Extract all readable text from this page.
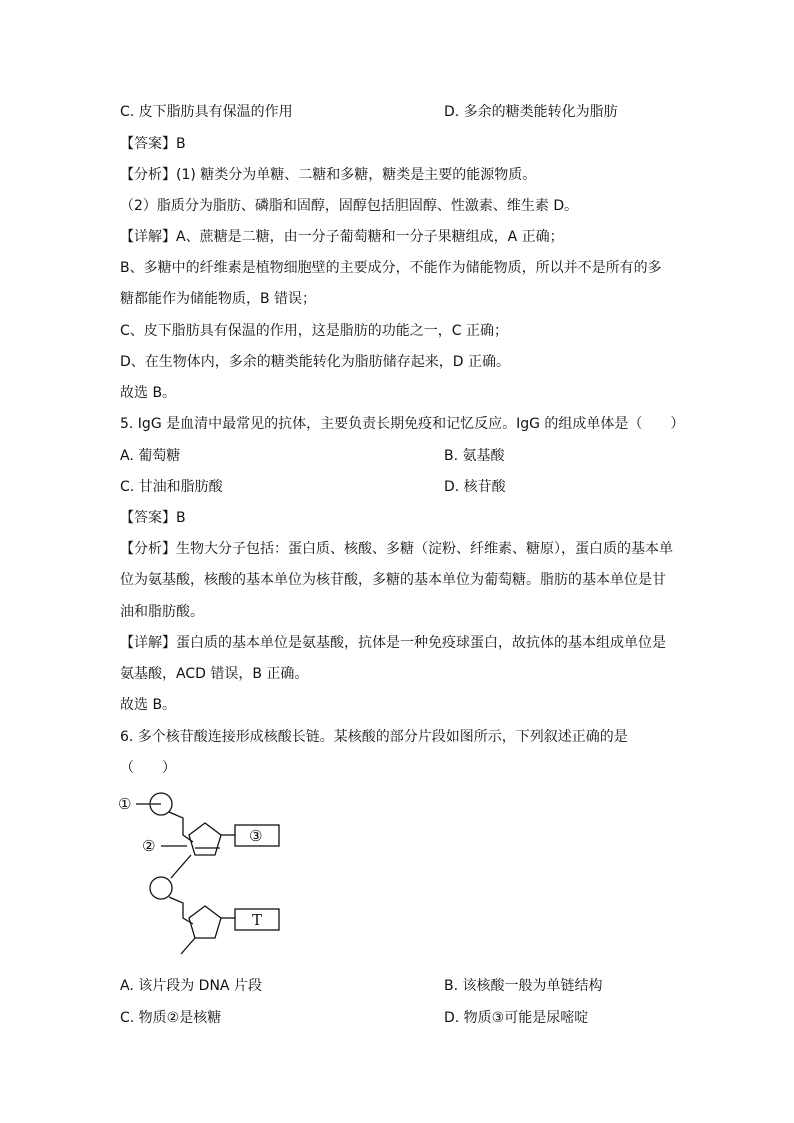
C. 皮下脂肪具有保温的作用	D. 多余的糖类能转化为脂肪
【答案】B
【分析】(1) 糖类分为单糖、二糖和多糖，糖类是主要的能源物质。
（2）脂质分为脂肪、磷脂和固醇，固醇包括胆固醇、性激素、维生素 D。
【详解】A、蔗糖是二糖，由一分子葡萄糖和一分子果糖组成，A 正确；
B、多糖中的纤维素是植物细胞壁的主要成分，不能作为储能物质，所以并不是所有的多
糖都能作为储能物质，B 错误；
C、皮下脂肪具有保温的作用，这是脂肪的功能之一，C 正确；
D、在生物体内，多余的糖类能转化为脂肪储存起来，D 正确。
故选 B。
5. IgG 是血清中最常见的抗体，主要负责长期免疫和记忆反应。IgG 的组成单体是（　　）
A. 葡萄糖	B. 氨基酸
C. 甘油和脂肪酸	D. 核苷酸
【答案】B
【分析】生物大分子包括：蛋白质、核酸、多糖（淀粉、纤维素、糖原），蛋白质的基本单
位为氨基酸，核酸的基本单位为核苷酸，多糖的基本单位为葡萄糖。脂肪的基本单位是甘
油和脂肪酸。
【详解】蛋白质的基本单位是氨基酸，抗体是一种免疫球蛋白，故抗体的基本组成单位是
氨基酸，ACD 错误，B 正确。
故选 B。
6. 多个核苷酸连接形成核酸长链。某核酸的部分片段如图所示，下列叙述正确的是
（　　）
①
②
③
T
A. 该片段为 DNA 片段	B. 该核酸一般为单链结构
C. 物质②是核糖	D. 物质③可能是尿嘧啶
